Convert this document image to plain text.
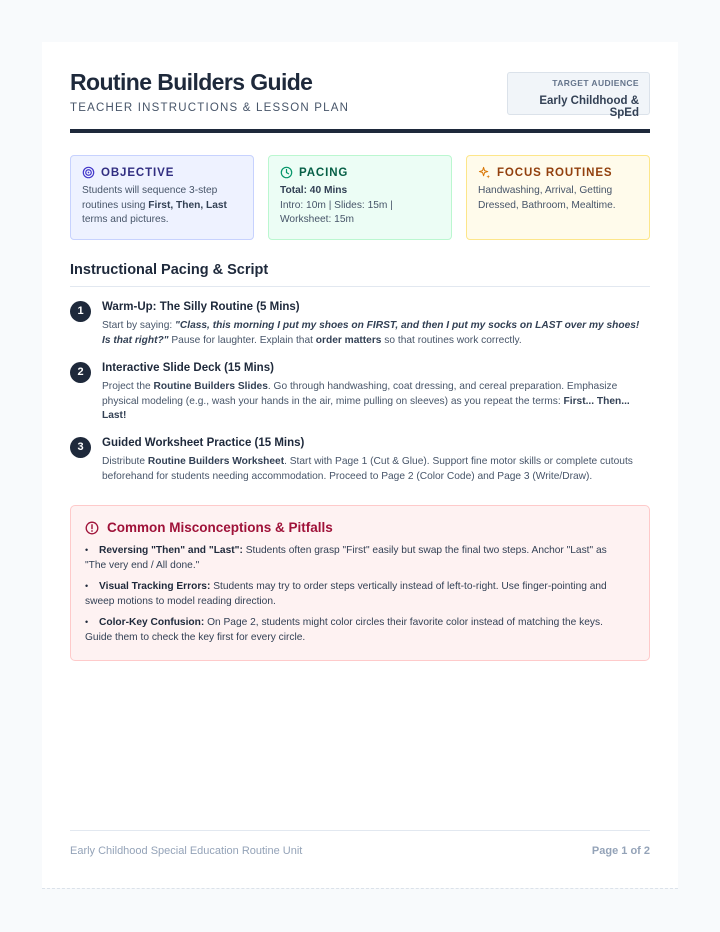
Routine Builders Guide
TEACHER INSTRUCTIONS & LESSON PLAN
TARGET AUDIENCE
Early Childhood & SpEd
OBJECTIVE
Students will sequence 3-step routines using First, Then, Last terms and pictures.
PACING
Total: 40 Mins
Intro: 10m | Slides: 15m | Worksheet: 15m
FOCUS ROUTINES
Handwashing, Arrival, Getting Dressed, Bathroom, Mealtime.
Instructional Pacing & Script
1	Warm-Up: The Silly Routine (5 Mins)
Start by saying: "Class, this morning I put my shoes on FIRST, and then I put my socks on LAST over my shoes! Is that right?" Pause for laughter. Explain that order matters so that routines work correctly.
2	Interactive Slide Deck (15 Mins)
Project the Routine Builders Slides. Go through handwashing, coat dressing, and cereal preparation. Emphasize physical modeling (e.g., wash your hands in the air, mime pulling on sleeves) as you repeat the terms: First... Then... Last!
3	Guided Worksheet Practice (15 Mins)
Distribute Routine Builders Worksheet. Start with Page 1 (Cut & Glue). Support fine motor skills or complete cutouts beforehand for students needing accommodation. Proceed to Page 2 (Color Code) and Page 3 (Write/Draw).
Common Misconceptions & Pitfalls
• Reversing "Then" and "Last": Students often grasp "First" easily but swap the final two steps. Anchor "Last" as "The very end / All done."
• Visual Tracking Errors: Students may try to order steps vertically instead of left-to-right. Use finger-pointing and sweep motions to model reading direction.
• Color-Key Confusion: On Page 2, students might color circles their favorite color instead of matching the keys. Guide them to check the key first for every circle.
Early Childhood Special Education Routine Unit	Page 1 of 2
